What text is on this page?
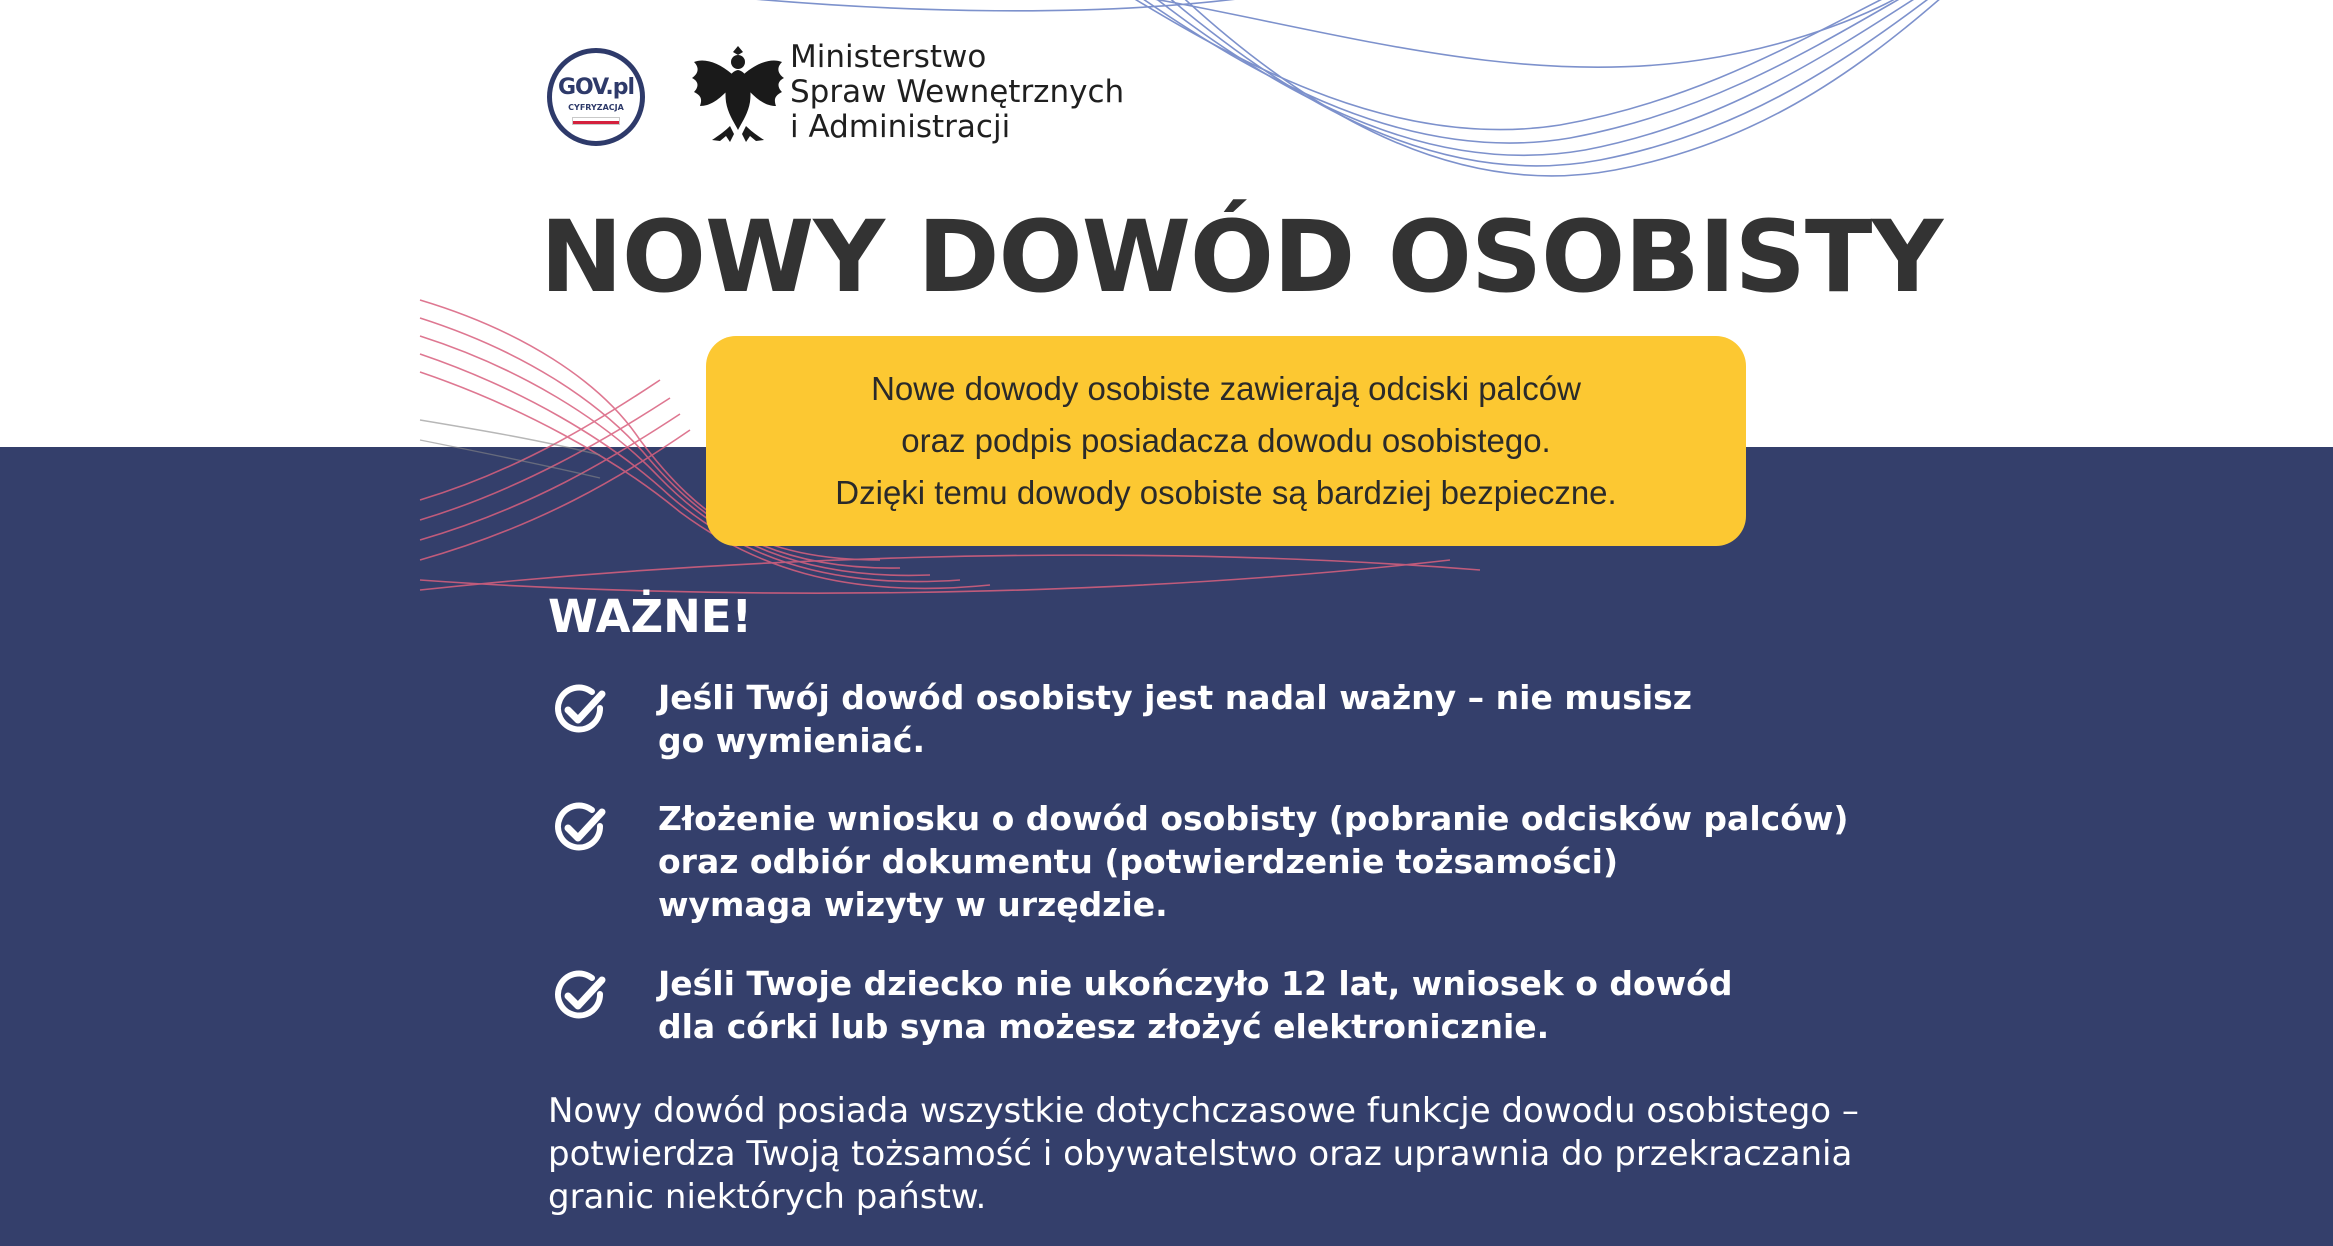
GOV.pl
CYFRYZACJA
Ministerstwo
Spraw Wewnętrznych
i Administracji
NOWY DOWÓD OSOBISTY

Nowe dowody osobiste zawierają odciski palców

oraz podpis posiadacza dowodu osobistego.

Dzięki temu dowody osobiste są bardziej bezpieczne.

WAŻNE!
Jeśli Twój dowód osobisty jest nadal ważny – nie musisz
go wymieniać.
Złożenie wniosku o dowód osobisty (pobranie odcisków palców)
oraz odbiór dokumentu (potwierdzenie tożsamości)
wymaga wizyty w urzędzie.
Jeśli Twoje dziecko nie ukończyło 12 lat, wniosek o dowód
dla córki lub syna możesz złożyć elektronicznie.
Nowy dowód posiada wszystkie dotychczasowe funkcje dowodu osobistego –
potwierdza Twoją tożsamość i obywatelstwo oraz uprawnia do przekraczania
granic niektórych państw.
